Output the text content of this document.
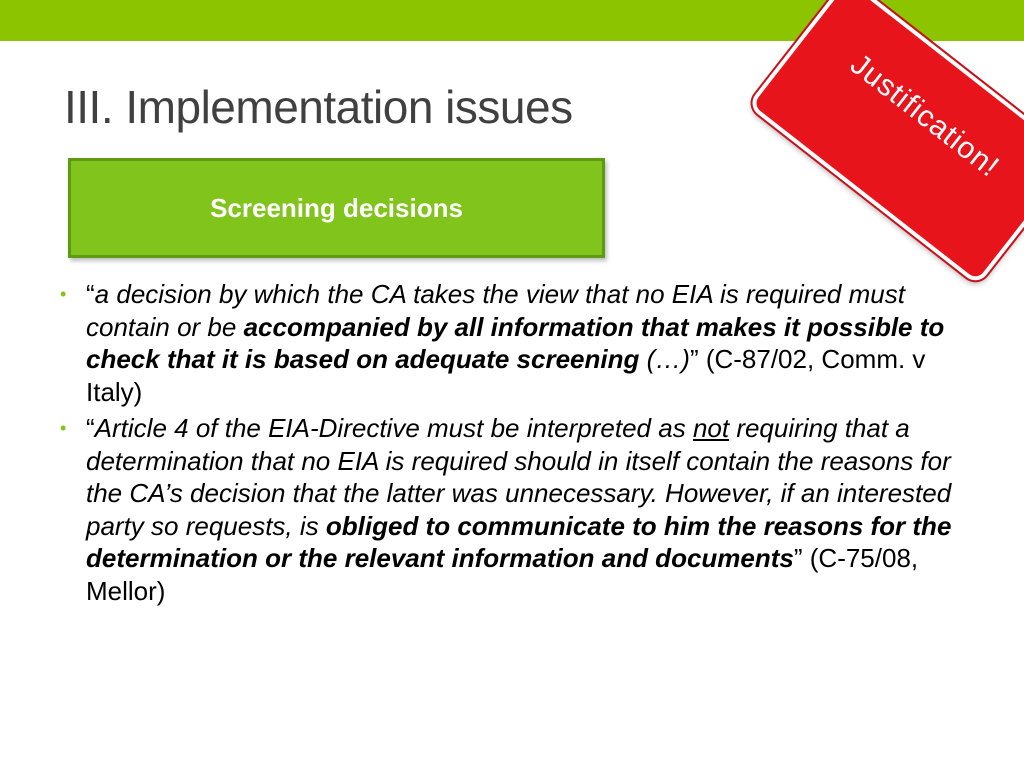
III. Implementation issues
Screening decisions
Justification!
• “a decision by which the CA takes the view that no EIA is required must contain or be accompanied by all information that makes it possible to check that it is based on adequate screening (…)” (C-87/02, Comm. v Italy)
• “Article 4 of the EIA-Directive must be interpreted as not requiring that a determination that no EIA is required should in itself contain the reasons for the CA’s decision that the latter was unnecessary. However, if an interested party so requests, is obliged to communicate to him the reasons for the determination or the relevant information and documents” (C-75/08, Mellor)
